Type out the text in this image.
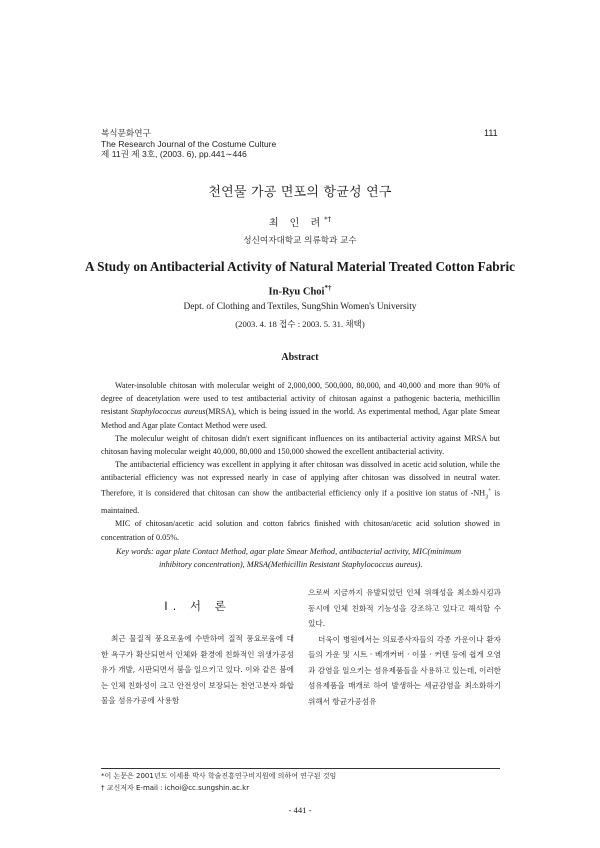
복식문화연구
The Research Journal of the Costume Culture
제 11권 제 3호, (2003. 6), pp.441∼446
111
천연물 가공 면포의 항균성 연구
최 인 려*†
성신여자대학교 의류학과 교수
A Study on Antibacterial Activity of Natural Material Treated Cotton Fabric
In-Ryu Choi*†
Dept. of Clothing and Textiles, SungShin Women's University
(2003. 4. 18 접수 : 2003. 5. 31. 채택)
Abstract

Water-insoluble chitosan with molecular weight of 2,000,000, 500,000, 80,000, and 40,000 and more than 90% of degree of deacetylation were used to test antibacterial activity of chitosan against a pathogenic bacteria, methicillin resistant Staphylococcus aureus(MRSA), which is being issued in the world. As experimental method, Agar plate Smear Method and Agar plate Contact Method were used.

The moleculur weight of chitosan didn't exert significant influences on its antibacterial activity against MRSA but chitosan having molecular weight 40,000, 80,000 and 150,000 showed the excellent antibacterial activity.

The antibacterial efficiency was excellent in applying it after chitosan was dissolved in acetic acid solution, while the antibacterial efficiency was not expressed nearly in case of applying after chitosan was dissolved in neutral water. Therefore, it is considered that chitosan can show the antibacterial efficiency only if a positive ion status of $-NH_3^+$ is maintained.

MIC of chitosan/acetic acid solution and cotton fabrics finished with chitosan/acetic acid solution showed in concentration of 0.05%.

Key words: agar plate Contact Method, agar plate Smear Method, antibacterial activity, MIC(minimum
inhibitory concentration), MRSA(Methicillin Resistant Staphylococcus aureus).
Ⅰ. 서 론

최근 물질적 풍요로움에 수반하여 질적 풍요로움에 대한 욕구가 확산되면서 인체와 환경에 친화적인 위생가공섬유가 개발, 시판되면서 붐을 일으키고 있다. 이와 같은 붐에는 인체 친화성이 크고 안전성이 보장되는 천연고분자 화합물을 섬유가공에 사용함

으로써 지금까지 유발되었던 인체 위해성을 최소화시킴과 동시에 인체 친화적 기능성을 강조하고 있다고 해석할 수 있다.

더욱이 병원에서는 의료종사자들의 각종 가운이나 환자들의 가운 및 시트 · 베개커버 · 이불 · 커텐 등에 쉽게 오염과 감염을 일으키는 섬유제품들을 사용하고 있는데, 이러한 섬유제품을 매개로 하여 발생하는 세균감염을 최소화하기 위해서 항균가공섬유

*이 논문은 2001년도 이세용 박사 학술진흥연구비지원에 의하여 연구된 것임
† 교신저자 E-mail : ichoi@cc.sungshin.ac.kr
- 441 -
